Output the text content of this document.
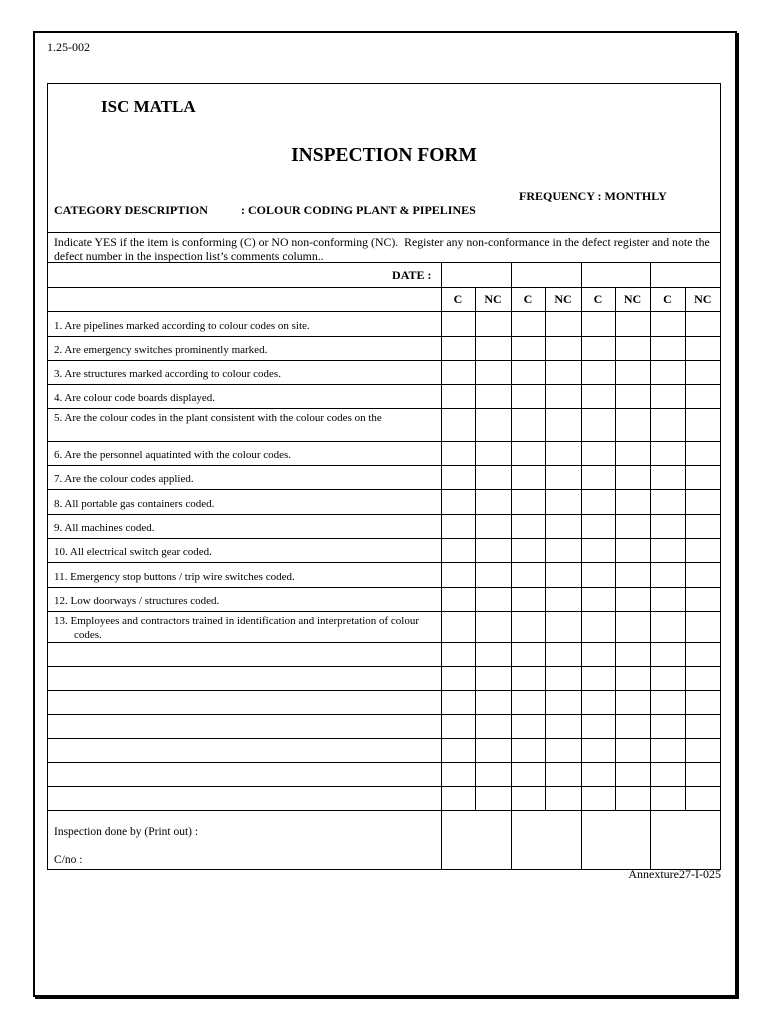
1.25-002
ISC MATLA
INSPECTION FORM
FREQUENCY : MONTHLY
CATEGORY DESCRIPTION	: COLOUR CODING PLANT & PIPELINES
Indicate YES if the item is conforming (C) or NO non-conforming (NC).  Register any non-conformance in the defect register and note the defect number in the inspection list’s comments column..
DATE :								
	C	NC	C	NC	C	NC	C	NC

1. Are pipelines marked according to colour codes on site.								

2. Are emergency switches prominently marked.								

3. Are structures marked according to colour codes.								

4. Are colour code boards displayed.								

5. Are the colour codes in the plant consistent with the colour codes on the								

6. Are the personnel aquatinted with the colour codes.								

7. Are the colour codes applied.								

8. All portable gas containers coded.								

9. All machines coded.								

10. All electrical switch gear coded.								

11. Emergency stop buttons / trip wire switches coded.								

12. Low doorways / structures coded.								

13. Employees and contractors trained in identification and interpretation of colour codes.								

Inspection done by (Print out) :
C/no :								

Annexture27-I-025
